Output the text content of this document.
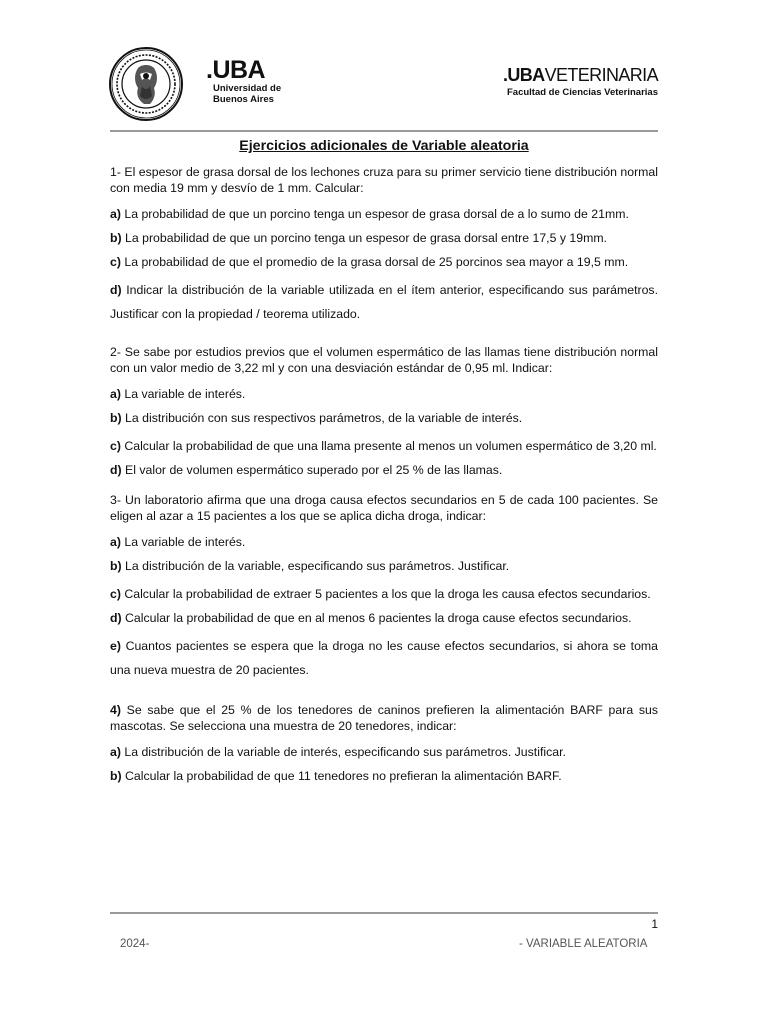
.UBA
Universidad de
Buenos Aires
.UBAVETERINARIA
Facultad de Ciencias Veterinarias
Ejercicios adicionales de Variable aleatoria

1- El espesor de grasa dorsal de los lechones cruza para su primer servicio tiene distribución normal con media 19 mm y desvío de 1 mm. Calcular:

a) La probabilidad de que un porcino tenga un espesor de grasa dorsal de a lo sumo de 21mm.

b) La probabilidad de que un porcino tenga un espesor de grasa dorsal entre 17,5 y 19mm.

c) La probabilidad de que el promedio de la grasa dorsal de 25 porcinos sea mayor a 19,5 mm.

d) Indicar la distribución de la variable utilizada en el ítem anterior, especificando sus parámetros. Justificar con la propiedad / teorema utilizado.

2- Se sabe por estudios previos que el volumen espermático de las llamas tiene distribución normal con un valor medio de 3,22 ml y con una desviación estándar de 0,95 ml. Indicar:

a) La variable de interés.

b) La distribución con sus respectivos parámetros, de la variable de interés.

c) Calcular la probabilidad de que una llama presente al menos un volumen espermático de 3,20 ml.

d) El valor de volumen espermático superado por el 25 % de las llamas.

3- Un laboratorio afirma que una droga causa efectos secundarios en 5 de cada 100 pacientes. Se eligen al azar a 15 pacientes a los que se aplica dicha droga, indicar:

a) La variable de interés.

b) La distribución de la variable, especificando sus parámetros. Justificar.

c) Calcular la probabilidad de extraer 5 pacientes a los que la droga les causa efectos secundarios.

d) Calcular la probabilidad de que en al menos 6 pacientes la droga cause efectos secundarios.

e) Cuantos pacientes se espera que la droga no les cause efectos secundarios, si ahora se toma una nueva muestra de 20 pacientes.

4) Se sabe que el 25 % de los tenedores de caninos prefieren la alimentación BARF para sus mascotas. Se selecciona una muestra de 20 tenedores, indicar:

a) La distribución de la variable de interés, especificando sus parámetros. Justificar.

b) Calcular la probabilidad de que 11 tenedores no prefieran la alimentación BARF.

1
2024-	- VARIABLE ALEATORIA
